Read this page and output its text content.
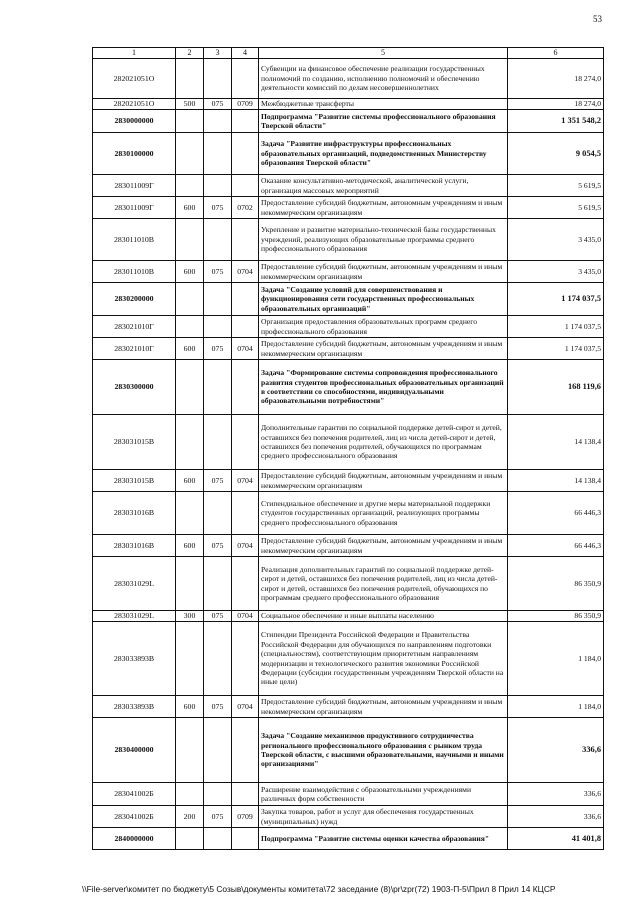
53
1	2	3	4	5	6
282021051О				Субвенции на финансовое обеспечение реализации государственных полномочий по созданию, исполнению полномочий и обеспечению деятельности комиссий по делам несовершеннолетних	18 274,0
282021051О	500	075	0709	Межбюджетные трансферты	18 274,0
2830000000				Подпрограмма "Развитие системы профессионального образования Тверской области"	1 351 548,2
2830100000				Задача "Развитие инфраструктуры профессиональных образовательных организаций, подведомственных Министерству образования Тверской области"	9 054,5
283011009Г				Оказание консультативно-методической, аналитической услуги, организация массовых мероприятий	5 619,5
283011009Г	600	075	0702	Предоставление субсидий бюджетным, автономным учреждениям и иным некоммерческим организациям	5 619,5
283011010В				Укрепление и развитие материально-технической базы государственных учреждений, реализующих образовательные программы среднего профессионального образования	3 435,0
283011010В	600	075	0704	Предоставление субсидий бюджетным, автономным учреждениям и иным некоммерческим организациям	3 435,0
2830200000				Задача "Создание условий для совершенствования и функционирования сети государственных профессиональных образовательных организаций"	1 174 037,5
283021010Г				Организация предоставления образовательных программ среднего профессионального образования	1 174 037,5
283021010Г	600	075	0704	Предоставление субсидий бюджетным, автономным учреждениям и иным некоммерческим организациям	1 174 037,5
2830300000				Задача "Формирование системы сопровождения профессионального развития студентов профессиональных образовательных организаций в соответствии со способностями, индивидуальными образовательными потребностями"	168 119,6
283031015В				Дополнительные гарантии по социальной поддержке детей-сирот и детей, оставшихся без попечения родителей, лиц из числа детей-сирот и детей, оставшихся без попечения родителей, обучающихся по программам среднего профессионального образования	14 138,4
283031015В	600	075	0704	Предоставление субсидий бюджетным, автономным учреждениям и иным некоммерческим организациям	14 138,4
283031016В				Стипендиальное обеспечение и другие меры материальной поддержки студентов государственных организаций, реализующих программы среднего профессионального образования	66 446,3
283031016В	600	075	0704	Предоставление субсидий бюджетным, автономным учреждениям и иным некоммерческим организациям	66 446,3
283031029L				Реализация дополнительных гарантий по социальной поддержке детей-сирот и детей, оставшихся без попечения родителей, лиц из числа детей-сирот и детей, оставшихся без попечения родителей, обучающихся по программам среднего профессионального образования	86 350,9
283031029L	300	075	0704	Социальное обеспечение и иные выплаты населению	86 350,9
283033893В				Стипендии Президента Российской Федерации и Правительства Российской Федерации для обучающихся по направлениям подготовки (специальностям), соответствующим приоритетным направлениям модернизации и технологического развития экономики Российской Федерации (субсидии государственным учреждениям Тверской области на иные цели)	1 184,0
283033893В	600	075	0704	Предоставление субсидий бюджетным, автономным учреждениям и иным некоммерческим организациям	1 184,0
2830400000				Задача "Создание механизмов продуктивного сотрудничества регионального профессионального образования с рынком труда Тверской области, с высшими образовательными, научными и иными организациями"	336,6
283041002Б				Расширение взаимодействия с образовательными учреждениями различных форм собственности	336,6
283041002Б	200	075	0709	Закупка товаров, работ и услуг для обеспечения государственных (муниципальных) нужд	336,6
2840000000				Подпрограмма "Развитие системы оценки качества образования"	41 401,8
\\File-server\комитет по бюджету\5 Созыв\документы комитета\72 заседание (8)\pr\zpr(72) 1903-П-5\Прил 8 Прил 14 КЦСР
